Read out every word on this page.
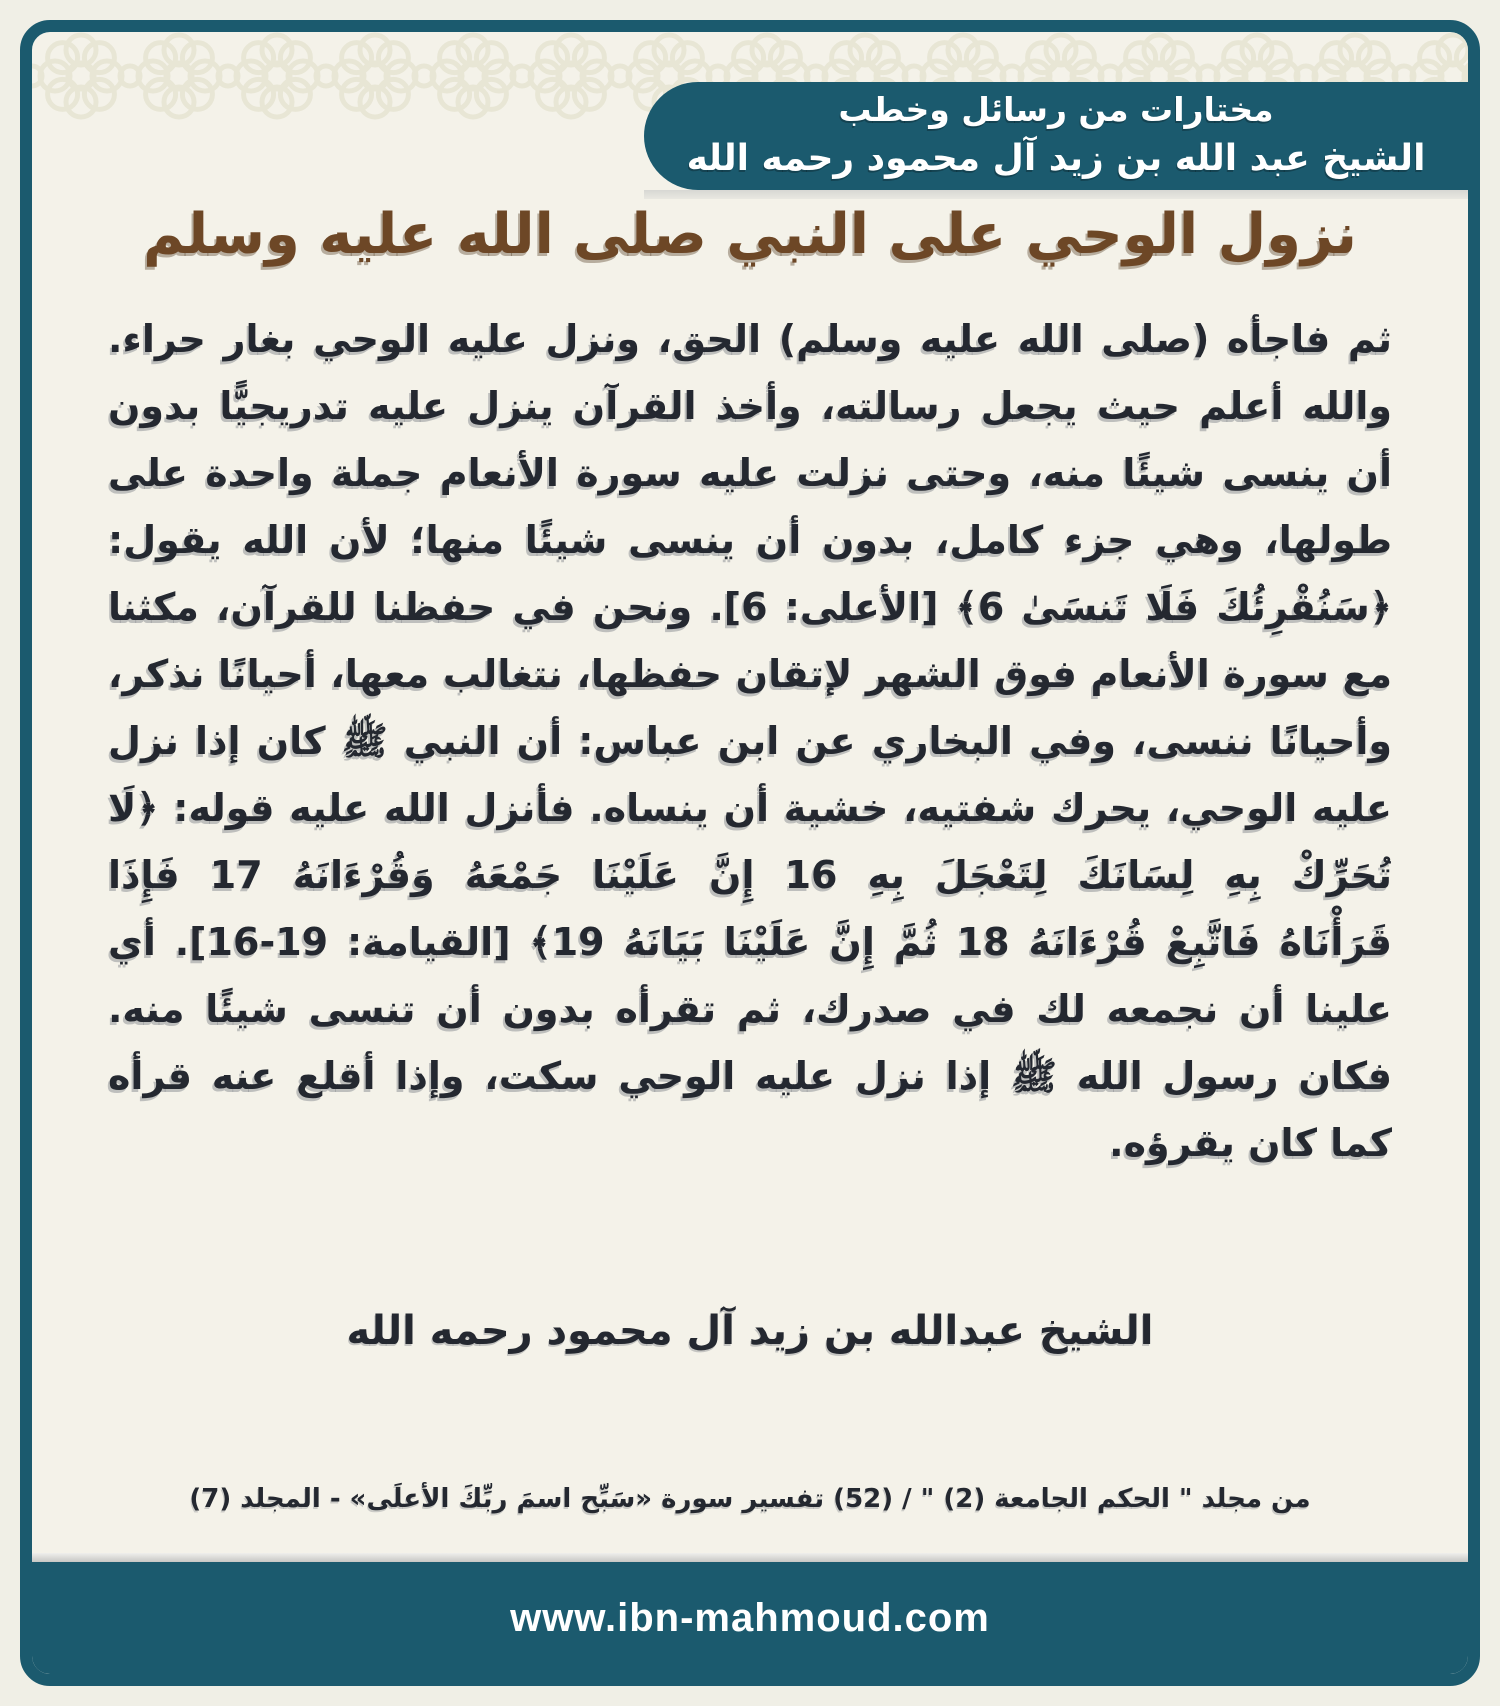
مختارات من رسائل وخطب
الشيخ عبد الله بن زيد آل محمود رحمه الله
نزول الوحي على النبي صلى الله عليه وسلم
ثم فاجأه (صلى الله عليه وسلم) الحق، ونزل عليه الوحي بغار حراء.
والله أعلم حيث يجعل رسالته، وأخذ القرآن ينزل عليه تدريجيًّا بدون
أن ينسى شيئًا منه، وحتى نزلت عليه سورة الأنعام جملة واحدة على
طولها، وهي جزء كامل، بدون أن ينسى شيئًا منها؛ لأن الله يقول:
﴿سَنُقْرِئُكَ فَلَا تَنسَىٰ 6﴾ [الأعلى: 6]. ونحن في حفظنا للقرآن، مكثنا
مع سورة الأنعام فوق الشهر لإتقان حفظها، نتغالب معها، أحيانًا نذكر،
وأحيانًا ننسى، وفي البخاري عن ابن عباس: أن النبي ﷺ كان إذا نزل
عليه الوحي، يحرك شفتيه، خشية أن ينساه. فأنزل الله عليه قوله: ﴿لَا
تُحَرِّكْ بِهِ لِسَانَكَ لِتَعْجَلَ بِهِ 16 إِنَّ عَلَيْنَا جَمْعَهُ وَقُرْءَانَهُ 17 فَإِذَا
قَرَأْنَاهُ فَاتَّبِعْ قُرْءَانَهُ 18 ثُمَّ إِنَّ عَلَيْنَا بَيَانَهُ 19﴾ [القيامة: 19-16]. أي
علينا أن نجمعه لك في صدرك، ثم تقرأه بدون أن تنسى شيئًا منه.
فكان رسول الله ﷺ إذا نزل عليه الوحي سكت، وإذا أقلع عنه قرأه
كما كان يقرؤه.
الشيخ عبدالله بن زيد آل محمود رحمه الله
من مجلد " الحكم الجامعة (2) " / (52) تفسير سورة «سَبِّح اسمَ ربِّكَ الأعلَى» - المجلد (7)
www.ibn-mahmoud.com
